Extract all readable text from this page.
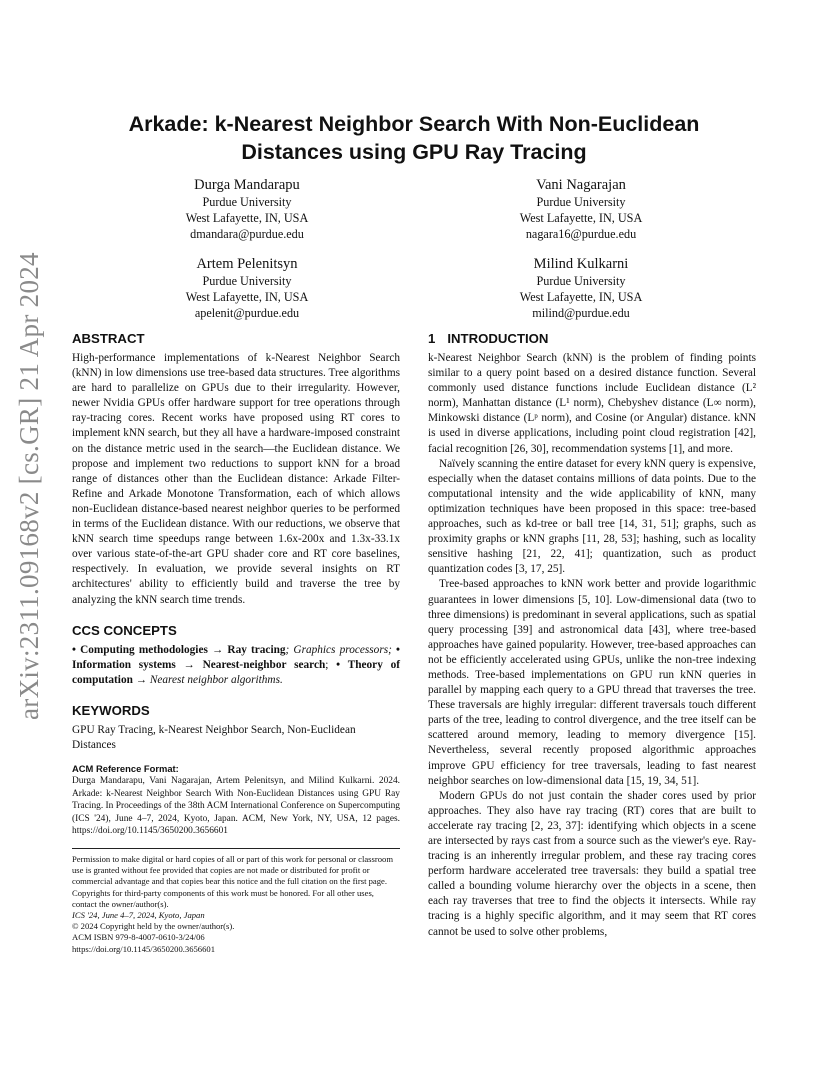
arXiv:2311.09168v2 [cs.GR] 21 Apr 2024
Arkade: k-Nearest Neighbor Search With Non-Euclidean
Distances using GPU Ray Tracing
Durga Mandarapu
Purdue University
West Lafayette, IN, USA
dmandara@purdue.edu
Vani Nagarajan
Purdue University
West Lafayette, IN, USA
nagara16@purdue.edu
Artem Pelenitsyn
Purdue University
West Lafayette, IN, USA
apelenit@purdue.edu
Milind Kulkarni
Purdue University
West Lafayette, IN, USA
milind@purdue.edu
ABSTRACT

High-performance implementations of k-Nearest Neighbor Search (kNN) in low dimensions use tree-based data structures. Tree algorithms are hard to parallelize on GPUs due to their irregularity. However, newer Nvidia GPUs offer hardware support for tree operations through ray-tracing cores. Recent works have proposed using RT cores to implement kNN search, but they all have a hardware-imposed constraint on the distance metric used in the search—the Euclidean distance. We propose and implement two reductions to support kNN for a broad range of distances other than the Euclidean distance: Arkade Filter-Refine and Arkade Monotone Transformation, each of which allows non-Euclidean distance-based nearest neighbor queries to be performed in terms of the Euclidean distance. With our reductions, we observe that kNN search time speedups range between 1.6x-200x and 1.3x-33.1x over various state-of-the-art GPU shader core and RT core baselines, respectively. In evaluation, we provide several insights on RT architectures' ability to efficiently build and traverse the tree by analyzing the kNN search time trends.

CCS CONCEPTS

• Computing methodologies → Ray tracing; Graphics processors; • Information systems → Nearest-neighbor search; • Theory of computation → Nearest neighbor algorithms.

KEYWORDS

GPU Ray Tracing, k-Nearest Neighbor Search, Non-Euclidean Distances

ACM Reference Format:

Durga Mandarapu, Vani Nagarajan, Artem Pelenitsyn, and Milind Kulkarni. 2024. Arkade: k-Nearest Neighbor Search With Non-Euclidean Distances using GPU Ray Tracing. In Proceedings of the 38th ACM International Conference on Supercomputing (ICS '24), June 4–7, 2024, Kyoto, Japan. ACM, New York, NY, USA, 12 pages. https://doi.org/10.1145/3650200.3656601

Permission to make digital or hard copies of all or part of this work for personal or classroom use is granted without fee provided that copies are not made or distributed for profit or commercial advantage and that copies bear this notice and the full citation on the first page. Copyrights for third-party components of this work must be honored. For all other uses, contact the owner/author(s).

ICS '24, June 4–7, 2024, Kyoto, Japan

© 2024 Copyright held by the owner/author(s).

ACM ISBN 979-8-4007-0610-3/24/06

https://doi.org/10.1145/3650200.3656601

1 INTRODUCTION

k-Nearest Neighbor Search (kNN) is the problem of finding points similar to a query point based on a desired distance function. Several commonly used distance functions include Euclidean distance (L² norm), Manhattan distance (L¹ norm), Chebyshev distance (L∞ norm), Minkowski distance (Lᵖ norm), and Cosine (or Angular) distance. kNN is used in diverse applications, including point cloud registration [42], facial recognition [26, 30], recommendation systems [1], and more.

Naïvely scanning the entire dataset for every kNN query is expensive, especially when the dataset contains millions of data points. Due to the computational intensity and the wide applicability of kNN, many optimization techniques have been proposed in this space: tree-based approaches, such as kd-tree or ball tree [14, 31, 51]; graphs, such as proximity graphs or kNN graphs [11, 28, 53]; hashing, such as locality sensitive hashing [21, 22, 41]; quantization, such as product quantization codes [3, 17, 25].

Tree-based approaches to kNN work better and provide logarithmic guarantees in lower dimensions [5, 10]. Low-dimensional data (two to three dimensions) is predominant in several applications, such as spatial query processing [39] and astronomical data [43], where tree-based approaches have gained popularity. However, tree-based approaches can not be efficiently accelerated using GPUs, unlike the non-tree indexing methods. Tree-based implementations on GPU run kNN queries in parallel by mapping each query to a GPU thread that traverses the tree. These traversals are highly irregular: different traversals touch different parts of the tree, leading to control divergence, and the tree itself can be scattered around memory, leading to memory divergence [15]. Nevertheless, several recently proposed algorithmic approaches improve GPU efficiency for tree traversals, leading to fast nearest neighbor searches on low-dimensional data [15, 19, 34, 51].

Modern GPUs do not just contain the shader cores used by prior approaches. They also have ray tracing (RT) cores that are built to accelerate ray tracing [2, 23, 37]: identifying which objects in a scene are intersected by rays cast from a source such as the viewer's eye. Ray-tracing is an inherently irregular problem, and these ray tracing cores perform hardware accelerated tree traversals: they build a spatial tree called a bounding volume hierarchy over the objects in a scene, then each ray traverses that tree to find the objects it intersects. While ray tracing is a highly specific algorithm, and it may seem that RT cores cannot be used to solve other problems,
